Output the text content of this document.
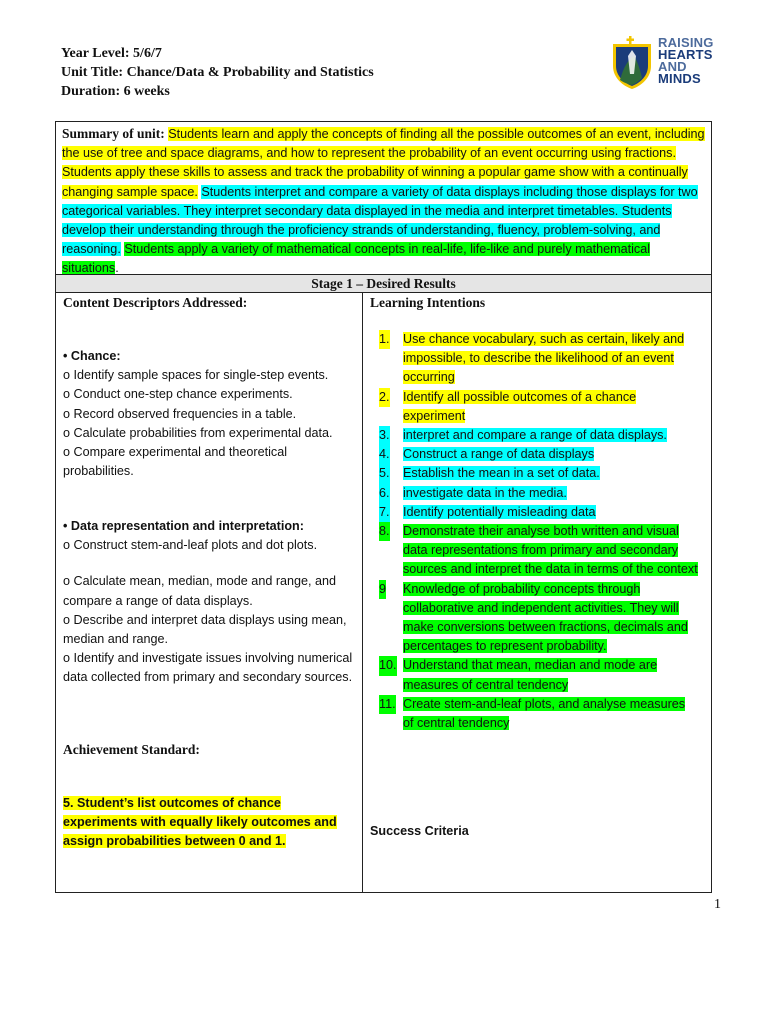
Year Level: 5/6/7
Unit Title: Chance/Data & Probability and Statistics
Duration: 6 weeks
RAISING
HEARTS
AND
MINDS
Summary of unit: Students learn and apply the concepts of finding all the possible outcomes of an event, including the use of tree and space diagrams, and how to represent the probability of an event occurring using fractions. Students apply these skills to assess and track the probability of winning a popular game show with a continually changing sample space. Students interpret and compare a variety of data displays including those displays for two categorical variables. They interpret secondary data displayed in the media and interpret timetables. Students develop their understanding through the proficiency strands of understanding, fluency, problem-solving, and reasoning. Students apply a variety of mathematical concepts in real-life, life-like and purely mathematical situations.
Stage 1 – Desired Results
Content Descriptors Addressed:	Learning Intentions

• Chance:

o Identify sample spaces for single-step events.

o Conduct one-step chance experiments.

o Record observed frequencies in a table.

o Calculate probabilities from experimental data.

o Compare experimental and theoretical probabilities.

• Data representation and interpretation:

o Construct stem-and-leaf plots and dot plots.

o Calculate mean, median, mode and range, and compare a range of data displays.

o Describe and interpret data displays using mean, median and range.

o Identify and investigate issues involving numerical data collected from primary and secondary sources.

Achievement Standard:
5. Student’s list outcomes of chance experiments with equally likely outcomes and assign probabilities between 0 and 1.
1. Use chance vocabulary, such as certain, likely and impossible, to describe the likelihood of an event occurring
2. Identify all possible outcomes of a chance experiment
3. interpret and compare a range of data displays.
4. Construct a range of data displays
5. Establish the mean in a set of data.
6. investigate data in the media.
7. Identify potentially misleading data
8. Demonstrate their analyse both written and visual data representations from primary and secondary sources and interpret the data in terms of the context
9 Knowledge of probability concepts through collaborative and independent activities. They will make conversions between fractions, decimals and percentages to represent probability.
10. Understand that mean, median and mode are measures of central tendency
11. Create stem-and-leaf plots, and analyse measures of central tendency
Success Criteria
1
